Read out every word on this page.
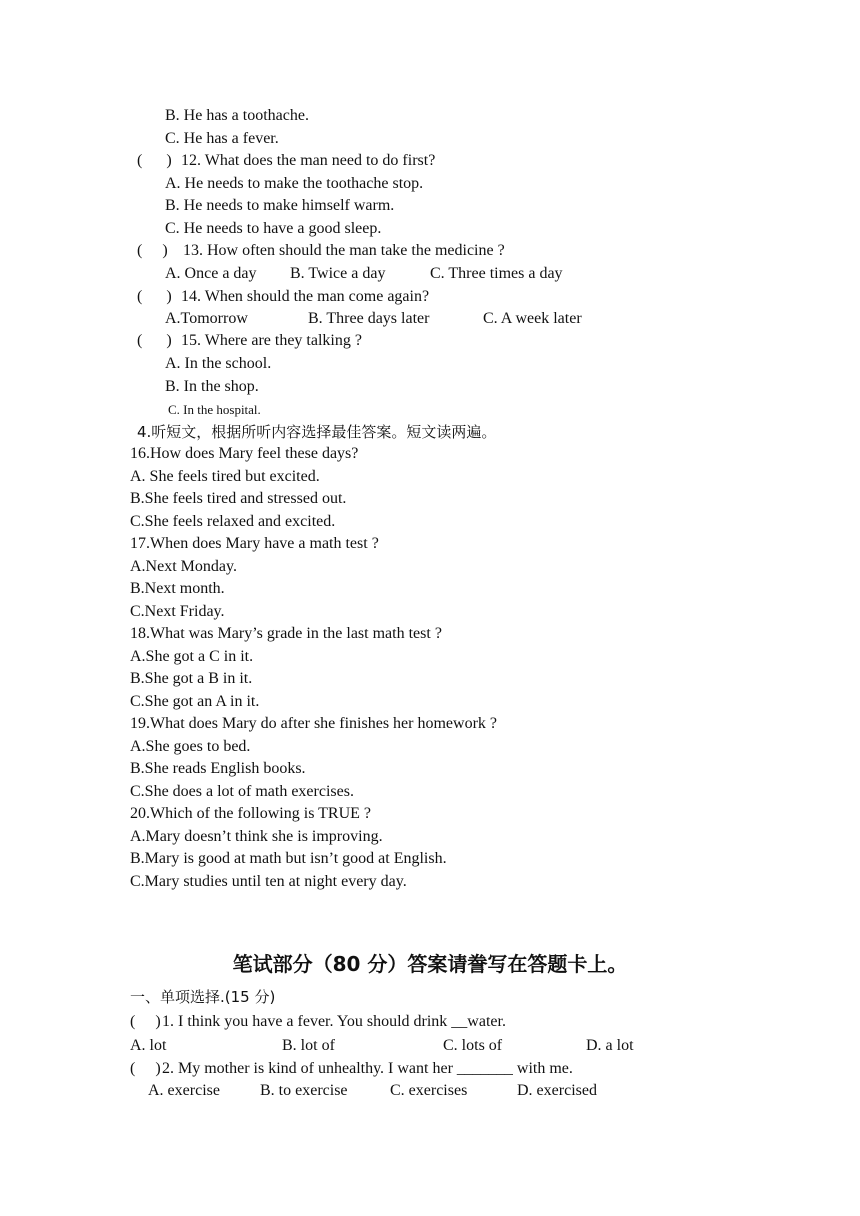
B. He has a toothache.
C. He has a fever.
(      ) 12. What does the man need to do first?
A. He needs to make the toothache stop.
B. He needs to make himself warm.
C. He needs to have a good sleep.
(     ) 13. How often should the man take the medicine ?
A. Once a day B. Twice a day	C. Three times a day
(      ) 14. When should the man come again?
A.Tomorrow	B. Three days later	C. A week later
(      ) 15. Where are they talking ?
A. In the school.
B. In the shop.
C. In the hospital.
4.听短文，根据所听内容选择最佳答案。短文读两遍。
16.How does Mary feel these days?
A. She feels tired but excited.
B.She feels tired and stressed out.
C.She feels relaxed and excited.
17.When does Mary have a math test ?
A.Next Monday.
B.Next month.
C.Next Friday.
18.What was Mary’s grade in the last math test ?
A.She got a C in it.
B.She got a B in it.
C.She got an A in it.
19.What does Mary do after she finishes her homework ?
A.She goes to bed.
B.She reads English books.
C.She does a lot of math exercises.
20.Which of the following is TRUE ?
A.Mary doesn’t think she is improving.
B.Mary is good at math but isn’t good at English.
C.Mary studies until ten at night every day.
笔试部分（80 分）答案请誊写在答题卡上。
一、单项选择.(15 分)
(     ) 1. I think you have a fever. You should drink __water.
A. lot	B. lot of	C. lots of	D. a lot
(     ) 2. My mother is kind of unhealthy. I want her _______ with me.
A. exercise	B. to exercise	C. exercises	D. exercised
